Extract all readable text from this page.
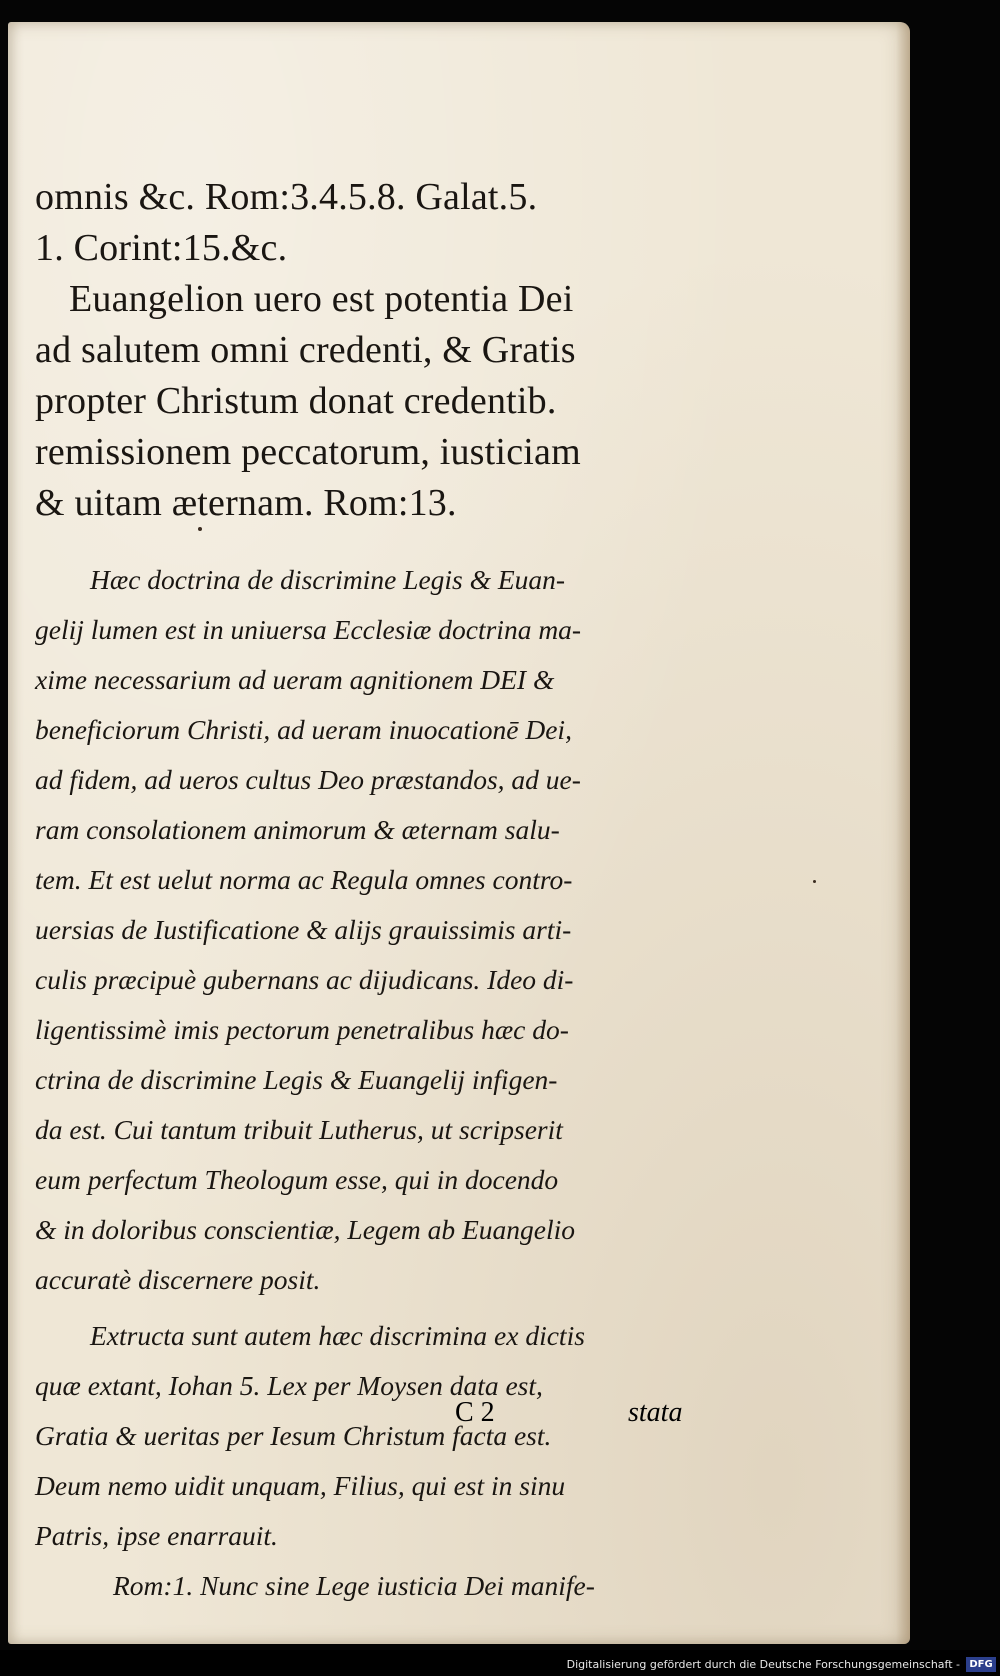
omnis &c. Rom:3.4.5.8. Galat.5.
1. Corint:15.&c.
Euangelion uero est potentia Dei
ad salutem omni credenti, & Gratis
propter Christum donat credentib.
remissionem peccatorum, iusticiam
& uitam æternam. Rom:13.
Hæc doctrina de discrimine Legis & Euan-
gelij lumen est in uniuersa Ecclesiæ doctrina ma-
xime necessarium ad ueram agnitionem DEI &
beneficiorum Christi, ad ueram inuocationē Dei,
ad fidem, ad ueros cultus Deo præstandos, ad ue-
ram consolationem animorum & æternam salu-
tem. Et est uelut norma ac Regula omnes contro-
uersias de Iustificatione & alijs grauissimis arti-
culis præcipuè gubernans ac dijudicans. Ideo di-
ligentissimè imis pectorum penetralibus hæc do-
ctrina de discrimine Legis & Euangelij infigen-
da est. Cui tantum tribuit Lutherus, ut scripserit
eum perfectum Theologum esse, qui in docendo
& in doloribus conscientiæ, Legem ab Euangelio
accuratè discernere posit.
Extructa sunt autem hæc discrimina ex dictis
quæ extant, Iohan 5. Lex per Moysen data est,
Gratia & ueritas per Iesum Christum facta est.
Deum nemo uidit unquam, Filius, qui est in sinu
Patris, ipse enarrauit.
Rom:1. Nunc sine Lege iusticia Dei manife-
C 2	stata
Digitalisierung gefördert durch die Deutsche Forschungsgemeinschaft - DFG
